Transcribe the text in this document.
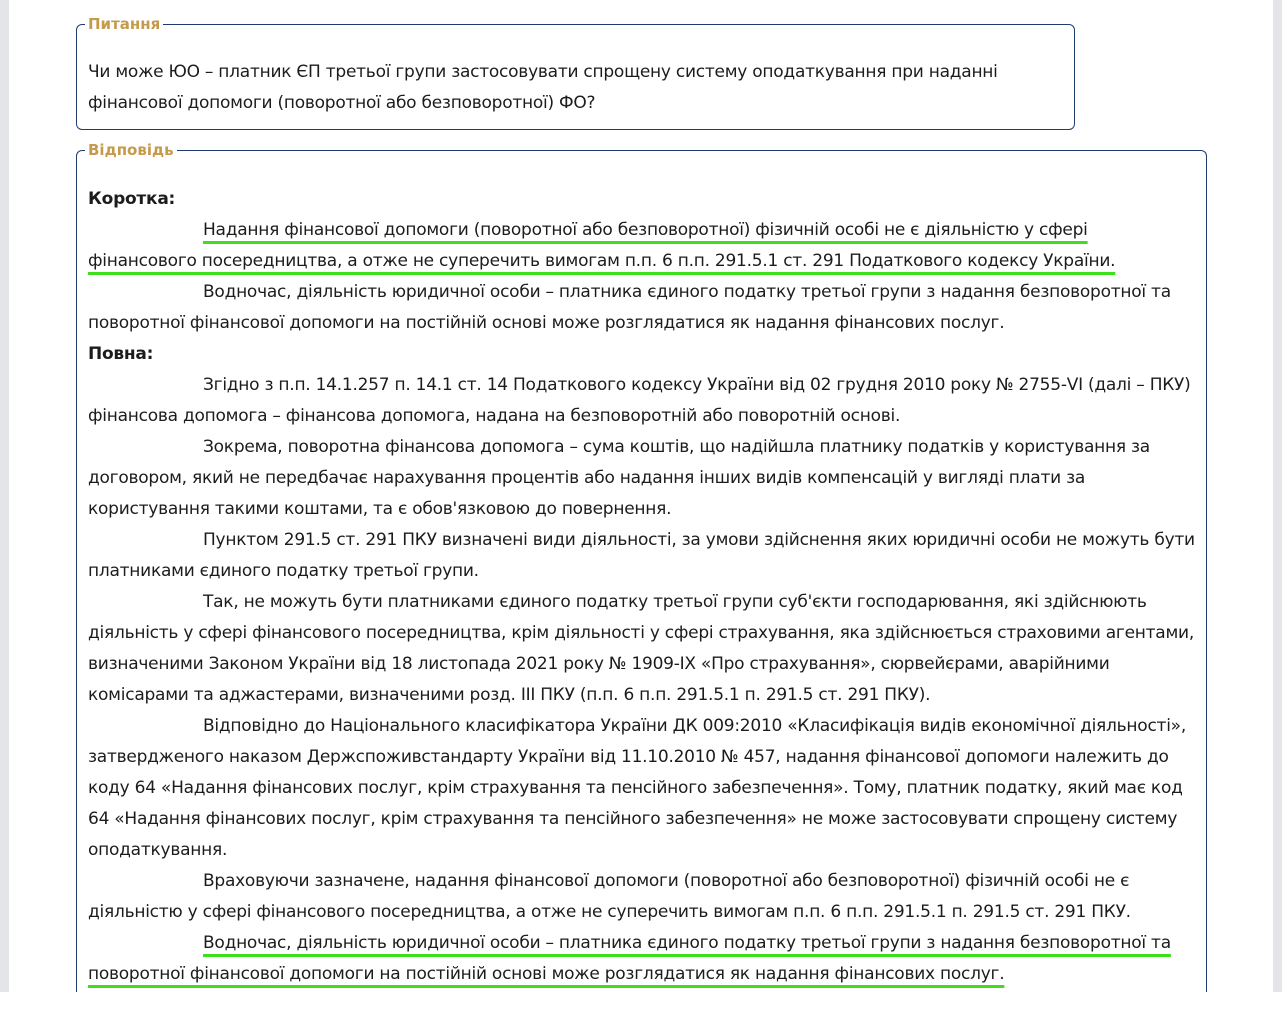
Питання
Чи може ЮО – платник ЄП третьої групи застосовувати спрощену систему оподаткування при наданні фінансової допомоги (поворотної або безповоротної) ФО?
Відповідь
Коротка:

Надання фінансової допомоги (поворотної або безповоротної) фізичній особі не є діяльністю у сфері фінансового посередництва, а отже не суперечить вимогам п.п. 6 п.п. 291.5.1 ст. 291 Податкового кодексу України.

Водночас, діяльність юридичної особи – платника єдиного податку третьої групи з надання безповоротної та поворотної фінансової допомоги на постійній основі може розглядатися як надання фінансових послуг.

Повна:

Згідно з п.п. 14.1.257 п. 14.1 ст. 14 Податкового кодексу України від 02 грудня 2010 року № 2755-VI (далі – ПКУ) фінансова допомога – фінансова допомога, надана на безповоротній або поворотній основі.

Зокрема, поворотна фінансова допомога – сума коштів, що надійшла платнику податків у користування за договором, який не передбачає нарахування процентів або надання інших видів компенсацій у вигляді плати за користування такими коштами, та є обов'язковою до повернення.

Пунктом 291.5 ст. 291 ПКУ визначені види діяльності, за умови здійснення яких юридичні особи не можуть бути платниками єдиного податку третьої групи.

Так, не можуть бути платниками єдиного податку третьої групи суб'єкти господарювання, які здійснюють діяльність у сфері фінансового посередництва, крім діяльності у сфері страхування, яка здійснюється страховими агентами, визначеними Законом України від 18 листопада 2021 року № 1909-IX «Про страхування», сюрвейєрами, аварійними комісарами та аджастерами, визначеними розд. III ПКУ (п.п. 6 п.п. 291.5.1 п. 291.5 ст. 291 ПКУ).

Відповідно до Національного класифікатора України ДК 009:2010 «Класифікація видів економічної діяльності», затвердженого наказом Держспоживстандарту України від 11.10.2010 № 457, надання фінансової допомоги належить до коду 64 «Надання фінансових послуг, крім страхування та пенсійного забезпечення». Тому, платник податку, який має код 64 «Надання фінансових послуг, крім страхування та пенсійного забезпечення» не може застосовувати спрощену систему оподаткування.

Враховуючи зазначене, надання фінансової допомоги (поворотної або безповоротної) фізичній особі не є діяльністю у сфері фінансового посередництва, а отже не суперечить вимогам п.п. 6 п.п. 291.5.1 п. 291.5 ст. 291 ПКУ.

Водночас, діяльність юридичної особи – платника єдиного податку третьої групи з надання безповоротної та поворотної фінансової допомоги на постійній основі може розглядатися як надання фінансових послуг.
